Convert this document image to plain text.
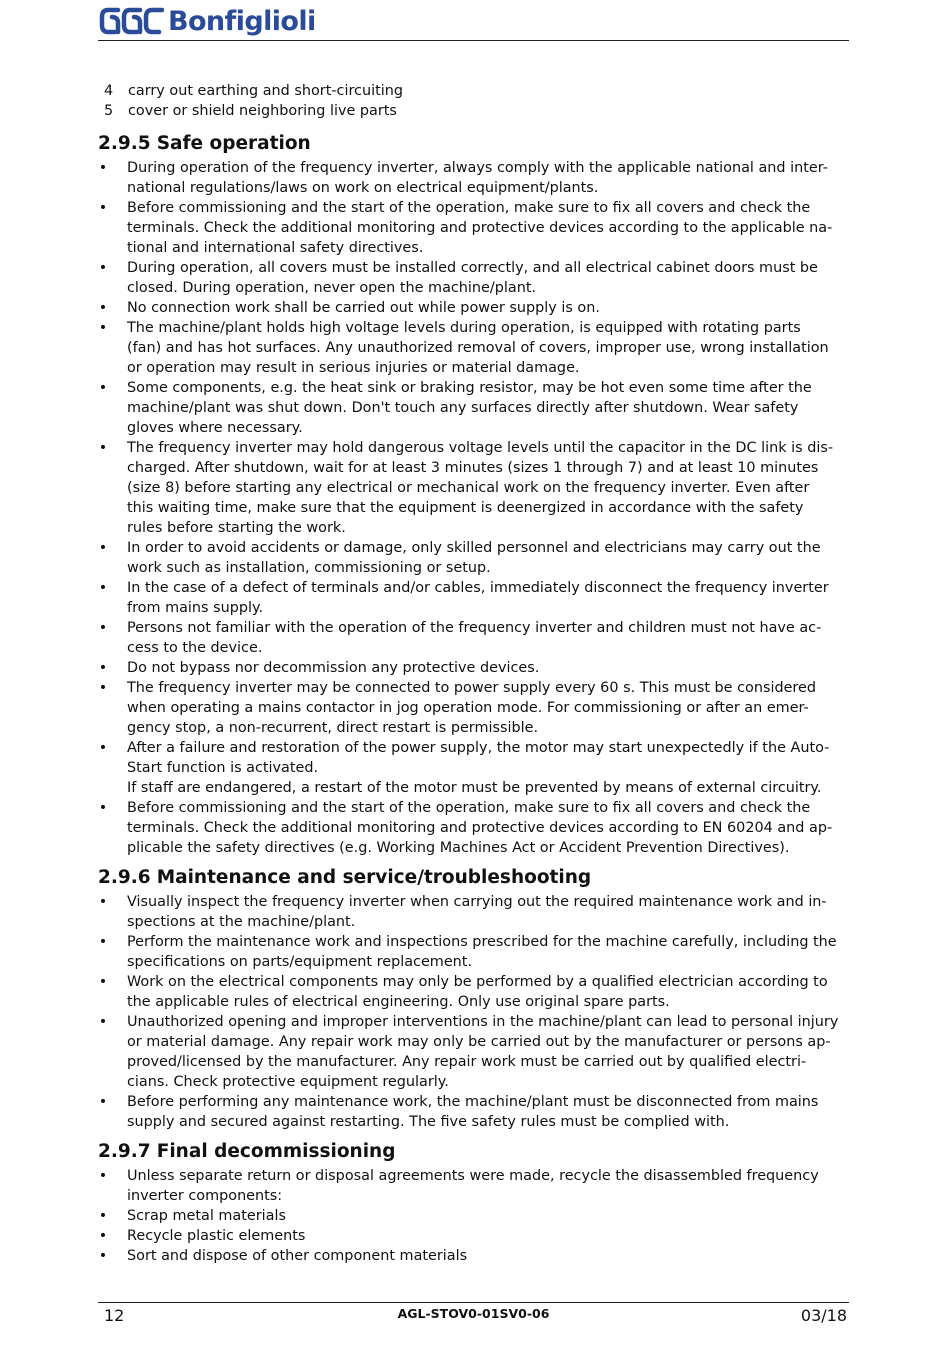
Bonfiglioli
4	carry out earthing and short-circuiting
5	cover or shield neighboring live parts
2.9.5 Safe operation
• During operation of the frequency inverter, always comply with the applicable national and inter-
national regulations/laws on work on electrical equipment/plants.
• Before commissioning and the start of the operation, make sure to fix all covers and check the
terminals. Check the additional monitoring and protective devices according to the applicable na-
tional and international safety directives.
• During operation, all covers must be installed correctly, and all electrical cabinet doors must be
closed. During operation, never open the machine/plant.
• No connection work shall be carried out while power supply is on.
• The machine/plant holds high voltage levels during operation, is equipped with rotating parts
(fan) and has hot surfaces. Any unauthorized removal of covers, improper use, wrong installation
or operation may result in serious injuries or material damage.
• Some components, e.g. the heat sink or braking resistor, may be hot even some time after the
machine/plant was shut down. Don't touch any surfaces directly after shutdown. Wear safety
gloves where necessary.
• The frequency inverter may hold dangerous voltage levels until the capacitor in the DC link is dis-
charged. After shutdown, wait for at least 3 minutes (sizes 1 through 7) and at least 10 minutes
(size 8) before starting any electrical or mechanical work on the frequency inverter. Even after
this waiting time, make sure that the equipment is deenergized in accordance with the safety
rules before starting the work.
• In order to avoid accidents or damage, only skilled personnel and electricians may carry out the
work such as installation, commissioning or setup.
• In the case of a defect of terminals and/or cables, immediately disconnect the frequency inverter
from mains supply.
• Persons not familiar with the operation of the frequency inverter and children must not have ac-
cess to the device.
• Do not bypass nor decommission any protective devices.
• The frequency inverter may be connected to power supply every 60 s. This must be considered
when operating a mains contactor in jog operation mode. For commissioning or after an emer-
gency stop, a non-recurrent, direct restart is permissible.
• After a failure and restoration of the power supply, the motor may start unexpectedly if the Auto-
Start function is activated.
If staff are endangered, a restart of the motor must be prevented by means of external circuitry.
• Before commissioning and the start of the operation, make sure to fix all covers and check the
terminals. Check the additional monitoring and protective devices according to EN 60204 and ap-
plicable the safety directives (e.g. Working Machines Act or Accident Prevention Directives).
2.9.6 Maintenance and service/troubleshooting
• Visually inspect the frequency inverter when carrying out the required maintenance work and in-
spections at the machine/plant.
• Perform the maintenance work and inspections prescribed for the machine carefully, including the
specifications on parts/equipment replacement.
• Work on the electrical components may only be performed by a qualified electrician according to
the applicable rules of electrical engineering. Only use original spare parts.
• Unauthorized opening and improper interventions in the machine/plant can lead to personal injury
or material damage. Any repair work may only be carried out by the manufacturer or persons ap-
proved/licensed by the manufacturer. Any repair work must be carried out by qualified electri-
cians. Check protective equipment regularly.
• Before performing any maintenance work, the machine/plant must be disconnected from mains
supply and secured against restarting. The five safety rules must be complied with.
2.9.7 Final decommissioning
• Unless separate return or disposal agreements were made, recycle the disassembled frequency
inverter components:
• Scrap metal materials
• Recycle plastic elements
• Sort and dispose of other component materials
12	AGL-STOV0-01SV0-06	03/18
